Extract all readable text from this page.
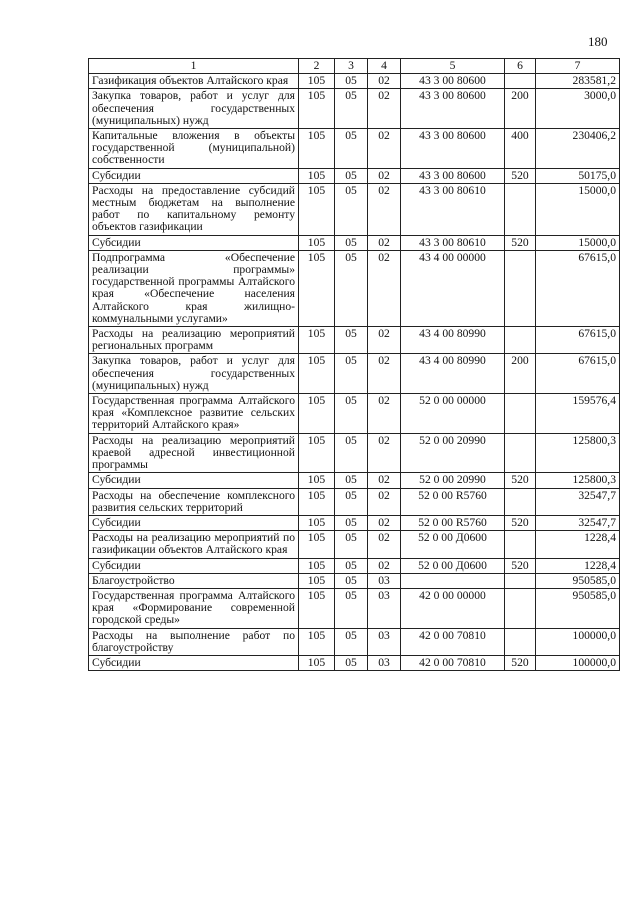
180
1	2	3	4	5	6	7
Газификация объектов Алтайского края	105	05	02	43 3 00 80600		283581,2
Закупка товаров, работ и услуг для обеспечения государственных (муниципальных) нужд	105	05	02	43 3 00 80600	200	3000,0
Капитальные вложения в объекты государственной (муниципальной) собственности	105	05	02	43 3 00 80600	400	230406,2
Субсидии	105	05	02	43 3 00 80600	520	50175,0
Расходы на предоставление субсидий местным бюджетам на выполнение работ по капитальному ремонту объектов газификации	105	05	02	43 3 00 80610		15000,0
Субсидии	105	05	02	43 3 00 80610	520	15000,0
Подпрограмма «Обеспечение реализации программы» государственной программы Алтайского края «Обеспечение населения Алтайского края жилищно-коммунальными услугами»	105	05	02	43 4 00 00000		67615,0
Расходы на реализацию мероприятий региональных программ	105	05	02	43 4 00 80990		67615,0
Закупка товаров, работ и услуг для обеспечения государственных (муниципальных) нужд	105	05	02	43 4 00 80990	200	67615,0
Государственная программа Алтайского края «Комплексное развитие сельских территорий Алтайского края»	105	05	02	52 0 00 00000		159576,4
Расходы на реализацию мероприятий краевой адресной инвестиционной программы	105	05	02	52 0 00 20990		125800,3
Субсидии	105	05	02	52 0 00 20990	520	125800,3
Расходы на обеспечение комплексного развития сельских территорий	105	05	02	52 0 00 R5760		32547,7
Субсидии	105	05	02	52 0 00 R5760	520	32547,7
Расходы на реализацию мероприятий по газификации объектов Алтайского края	105	05	02	52 0 00 Д0600		1228,4
Субсидии	105	05	02	52 0 00 Д0600	520	1228,4
Благоустройство	105	05	03			950585,0
Государственная программа Алтайского края «Формирование современной городской среды»	105	05	03	42 0 00 00000		950585,0
Расходы на выполнение работ по благоустройству	105	05	03	42 0 00 70810		100000,0
Субсидии	105	05	03	42 0 00 70810	520	100000,0
